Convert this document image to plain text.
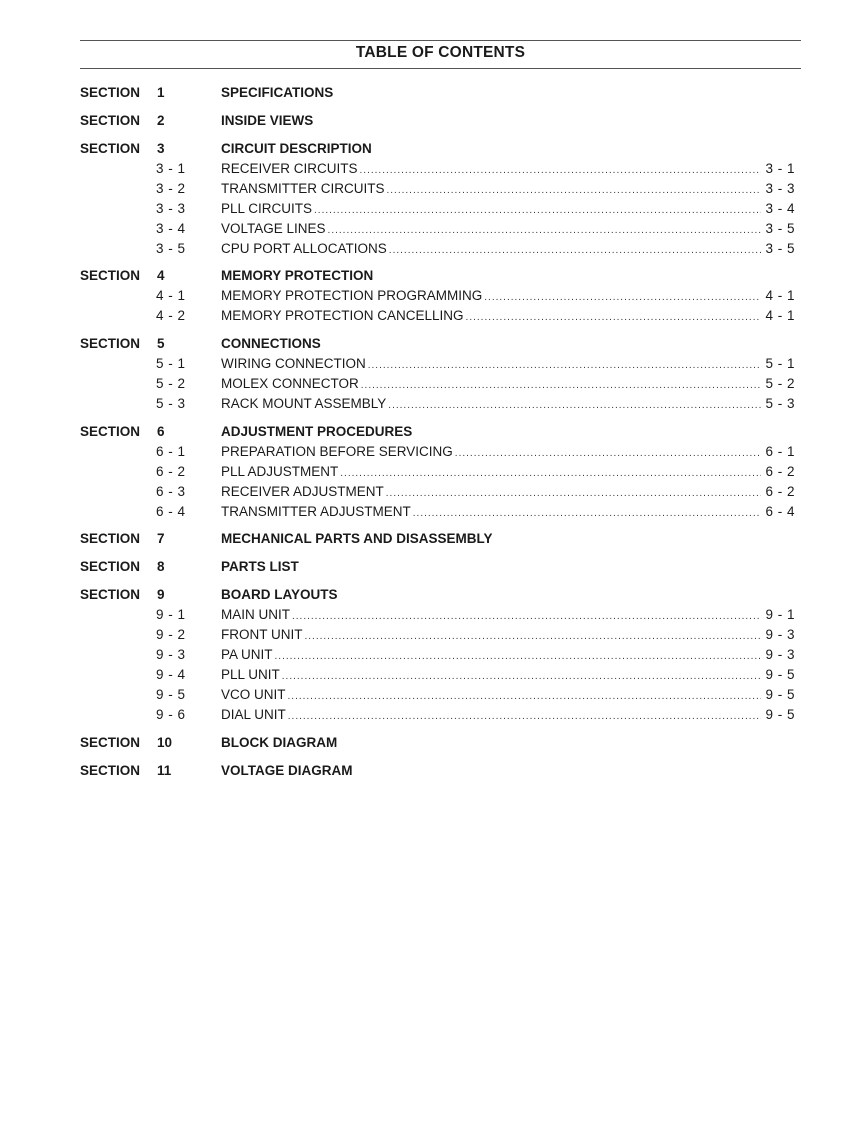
TABLE OF CONTENTS
SECTION 1	SPECIFICATIONS
SECTION 2	INSIDE VIEWS
SECTION 3	CIRCUIT DESCRIPTION
3 - 1	RECEIVER CIRCUITS .....	3 - 1
3 - 2	TRANSMITTER CIRCUITS .....	3 - 3
3 - 3	PLL CIRCUITS .....	3 - 4
3 - 4	VOLTAGE LINES .....	3 - 5
3 - 5	CPU PORT ALLOCATIONS .....	3 - 5
SECTION 4	MEMORY PROTECTION
4 - 1	MEMORY PROTECTION PROGRAMMING .....	4 - 1
4 - 2	MEMORY PROTECTION CANCELLING .....	4 - 1
SECTION 5	CONNECTIONS
5 - 1	WIRING CONNECTION .....	5 - 1
5 - 2	MOLEX CONNECTOR .....	5 - 2
5 - 3	RACK MOUNT ASSEMBLY .....	5 - 3
SECTION 6	ADJUSTMENT PROCEDURES
6 - 1	PREPARATION BEFORE SERVICING .....	6 - 1
6 - 2	PLL ADJUSTMENT .....	6 - 2
6 - 3	RECEIVER ADJUSTMENT .....	6 - 2
6 - 4	TRANSMITTER ADJUSTMENT .....	6 - 4
SECTION 7	MECHANICAL PARTS AND DISASSEMBLY
SECTION 8	PARTS LIST
SECTION 9	BOARD LAYOUTS
9 - 1	MAIN UNIT .....	9 - 1
9 - 2	FRONT UNIT .....	9 - 3
9 - 3	PA UNIT .....	9 - 3
9 - 4	PLL UNIT .....	9 - 5
9 - 5	VCO UNIT .....	9 - 5
9 - 6	DIAL UNIT .....	9 - 5
SECTION 10	BLOCK DIAGRAM
SECTION 11	VOLTAGE DIAGRAM
